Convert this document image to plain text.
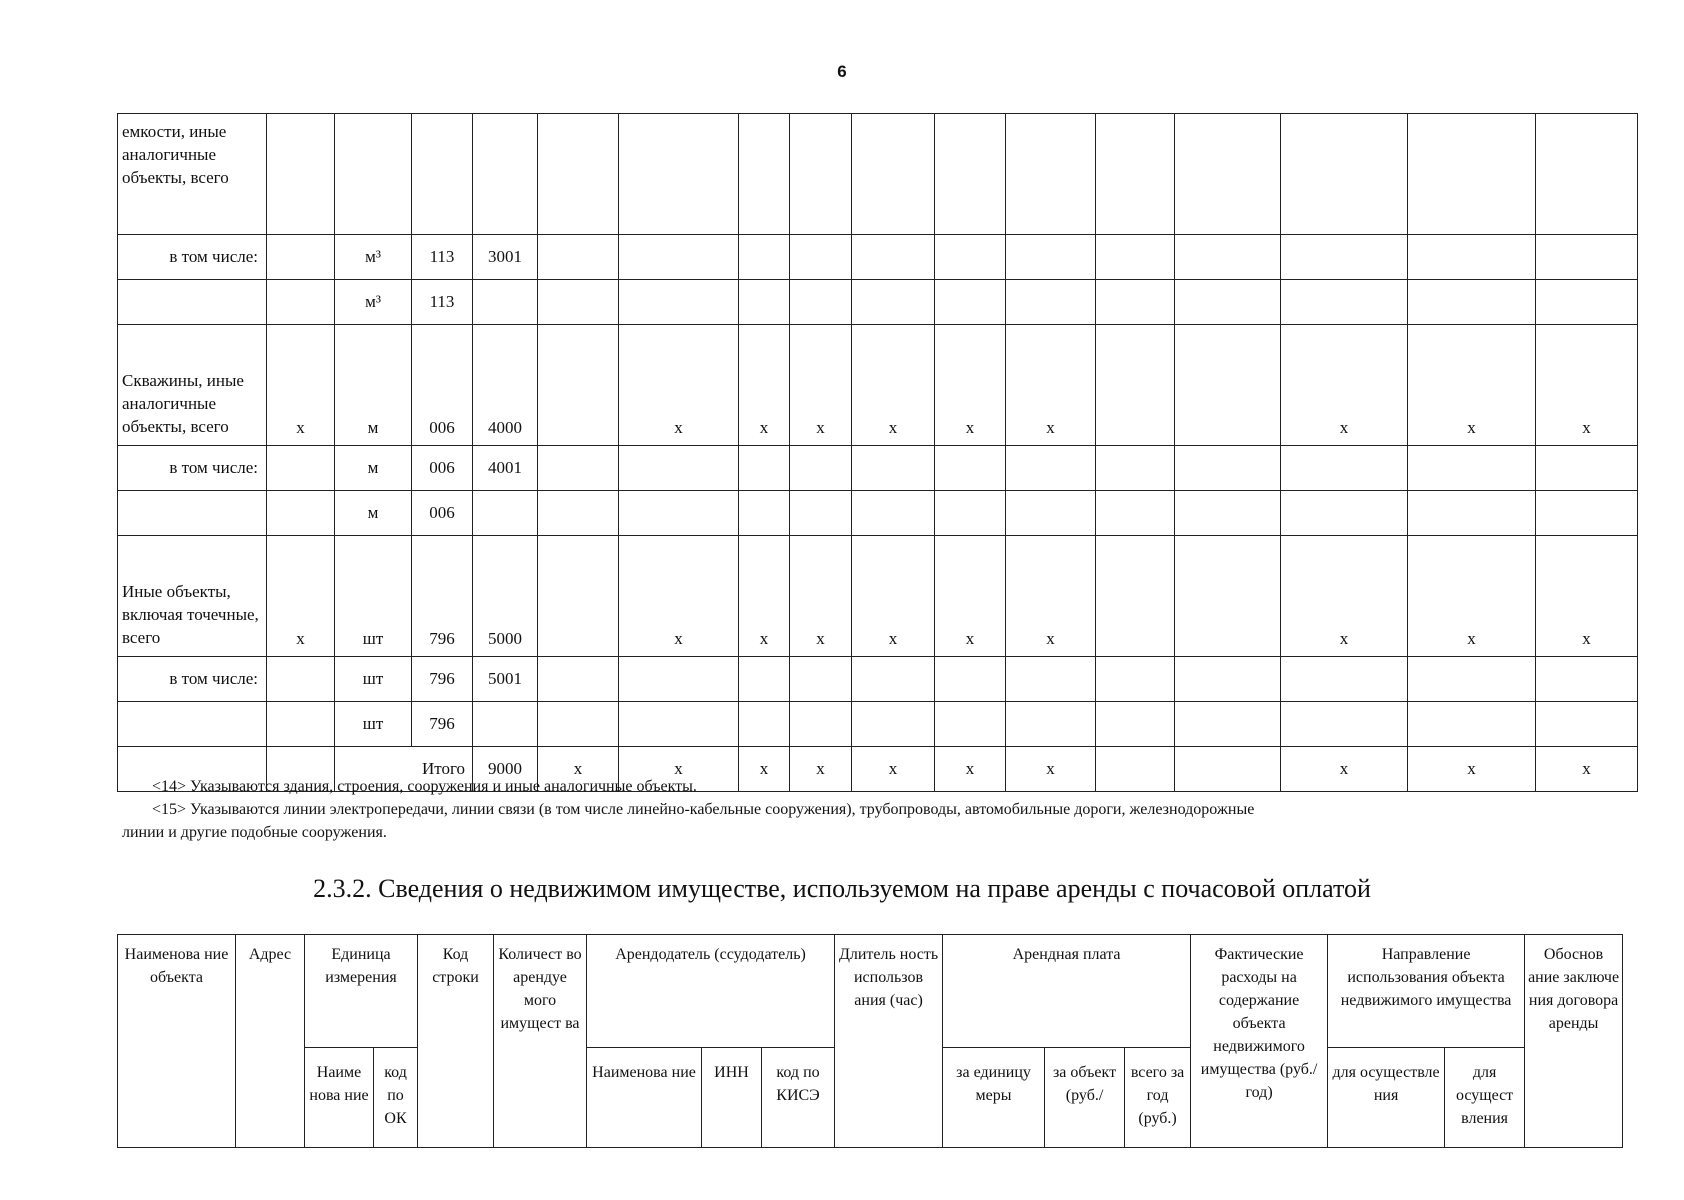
6
емкости, иные аналогичные объекты, всего																
в том числе:		м³	113	3001												
		м³	113													
Скважины, иные аналогичные объекты, всего	x	м	006	4000		x	x	x	x	x	x			x	x	x
в том числе:		м	006	4001												
		м	006													
Иные объекты, включая точечные, всего	x	шт	796	5000		x	x	x	x	x	x			x	x	x
в том числе:		шт	796	5001												
		шт	796													
		Итого		9000	x	x	x	x	x	x	x			x	x	x
<14> Указываются здания, строения, сооружения и иные аналогичные объекты.
<15> Указываются линии электропередачи, линии связи (в том числе линейно-кабельные сооружения), трубопроводы, автомобильные дороги, железнодорожные
линии и другие подобные сооружения.
2.3.2. Сведения о недвижимом имуществе, используемом на праве аренды с почасовой оплатой
Наименова ние объекта	Адрес	Единица измерения		Код строки	Количест во арендуе мого имущест ва	Арендодатель (ссудодатель)			Длитель ность использов ания (час)	Арендная плата			Фактические расходы на содержание объекта недвижимого имущества (руб./год)	Направление использования объекта недвижимого имущества		Обоснов ание заключе ния договора аренды
		Наиме нова ние	код по ОК			Наименова ние	ИНН	код по КИСЭ		за единицу меры	за объект (руб./	всего за год (руб.)		для осуществле ния	для осущест вления	
